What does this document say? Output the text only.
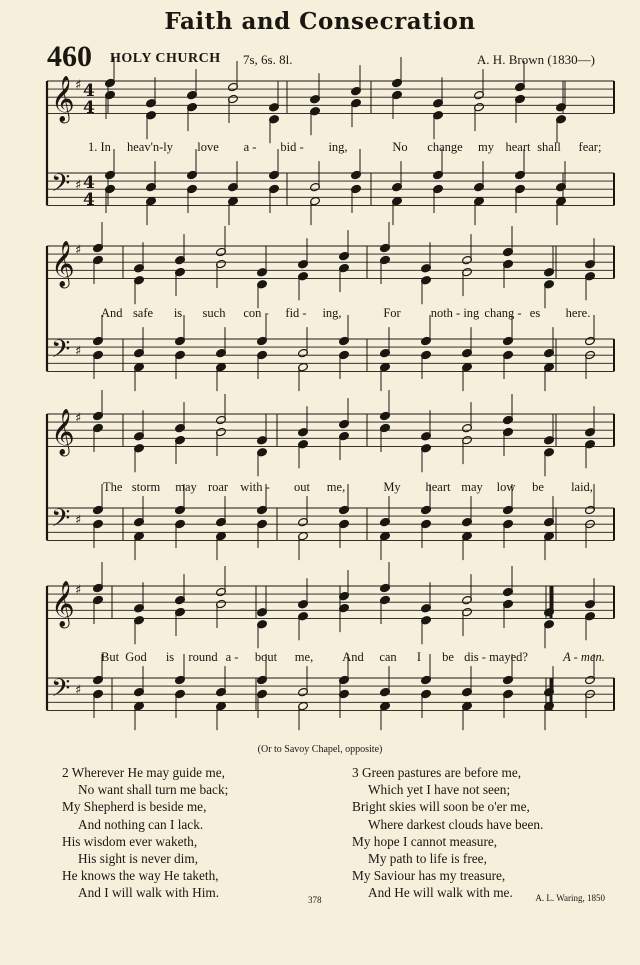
Faith and Consecration
460 HOLY CHURCH 7s, 6s. 8l.	A. H. Brown (1830—)
𝄞
𝄢
♯
♯
4
4
4
4
𝄞
𝄢
♯
♯
𝄞
𝄢
♯
♯
𝄞
𝄢
♯
♯
1. In heav'n-ly love a - bid - ing,	No change my heart shall fear;
And safe is such con - fid - ing,	For noth - ing chang - es here.
The storm may roar with - out me,	My heart may low be laid,
But God is round a - bout me, And can I be dis - mayed?	A - men.
(Or to Savoy Chapel, opposite)
2 Wherever He may guide me,
No want shall turn me back;
My Shepherd is beside me,
And nothing can I lack.
His wisdom ever waketh,
His sight is never dim,
He knows the way He taketh,
And I will walk with Him.
3 Green pastures are before me,
Which yet I have not seen;
Bright skies will soon be o'er me,
Where darkest clouds have been.
My hope I cannot measure,
My path to life is free,
My Saviour has my treasure,
And He will walk with me.
378	A. L. Waring, 1850
